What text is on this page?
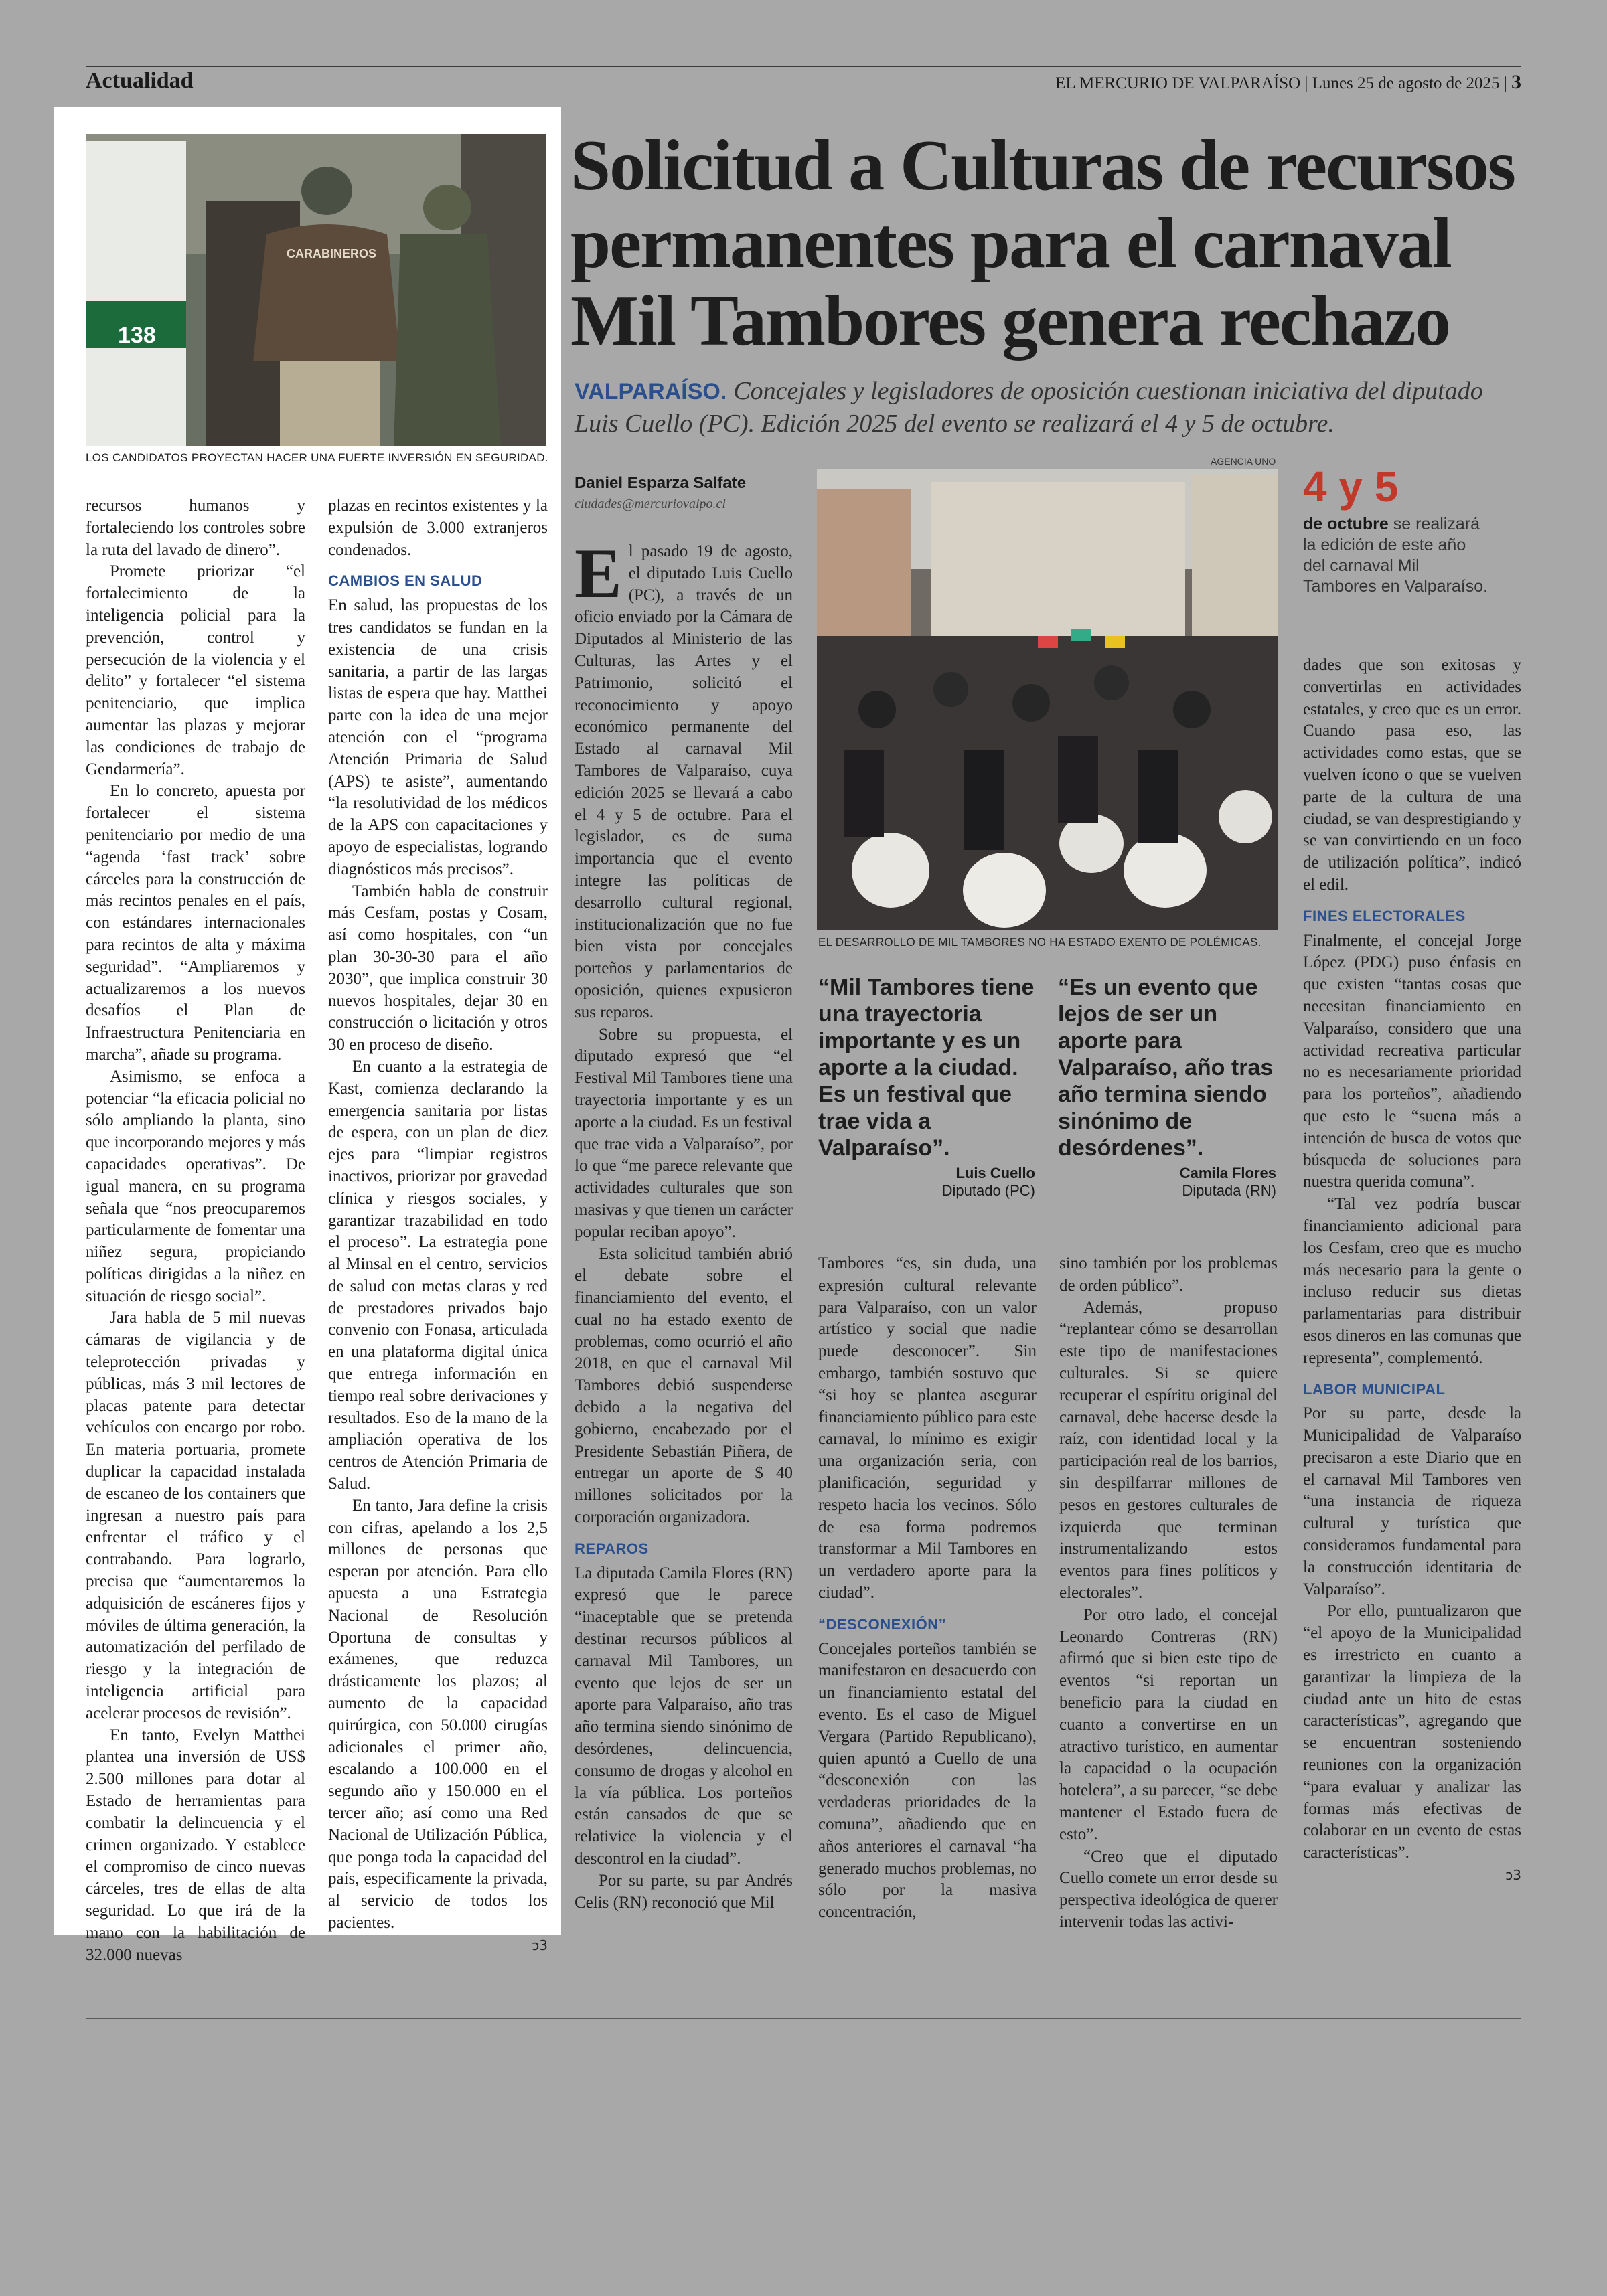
Actualidad	EL MERCURIO DE VALPARAÍSO | Lunes 25 de agosto de 2025 | 3
138
CARABINEROS
LOS CANDIDATOS PROYECTAN HACER UNA FUERTE INVERSIÓN EN SEGURIDAD.

recursos humanos y fortaleciendo los controles sobre la ruta del lavado de dinero”.

Promete priorizar “el fortalecimiento de la inteligencia policial para la prevención, control y persecución de la violencia y el delito” y fortalecer “el sistema penitenciario, que implica aumentar las plazas y mejorar las condiciones de trabajo de Gendarmería”.

En lo concreto, apuesta por fortalecer el sistema penitenciario por medio de una “agenda ‘fast track’ sobre cárceles para la construcción de más recintos penales en el país, con estándares internacionales para recintos de alta y máxima seguridad”. “Ampliaremos y actualizaremos a los nuevos desafíos el Plan de Infraestructura Penitenciaria en marcha”, añade su programa.

Asimismo, se enfoca a potenciar “la eficacia policial no sólo ampliando la planta, sino que incorporando mejores y más capacidades operativas”. De igual manera, en su programa señala que “nos preocuparemos particularmente de fomentar una niñez segura, propiciando políticas dirigidas a la niñez en situación de riesgo social”.

Jara habla de 5 mil nuevas cámaras de vigilancia y de teleprotección privadas y públicas, más 3 mil lectores de placas patente para detectar vehículos con encargo por robo. En materia portuaria, promete duplicar la capacidad instalada de escaneo de los containers que ingresan a nuestro país para enfrentar el tráfico y el contrabando. Para lograrlo, precisa que “aumentaremos la adquisición de escáneres fijos y móviles de última generación, la automatización del perfilado de riesgo y la integración de inteligencia artificial para acelerar procesos de revisión”.

En tanto, Evelyn Matthei plantea una inversión de US$ 2.500 millones para dotar al Estado de herramientas para combatir la delincuencia y el crimen organizado. Y establece el compromiso de cinco nuevas cárceles, tres de ellas de alta seguridad. Lo que irá de la mano con la habilitación de 32.000 nuevas

plazas en recintos existentes y la expulsión de 3.000 extranjeros condenados.

CAMBIOS EN SALUD

En salud, las propuestas de los tres candidatos se fundan en la existencia de una crisis sanitaria, a partir de las largas listas de espera que hay. Matthei parte con la idea de una mejor atención con el “programa Atención Primaria de Salud (APS) te asiste”, aumentando “la resolutividad de los médicos de la APS con capacitaciones y apoyo de especialistas, logrando diagnósticos más precisos”.

También habla de construir más Cesfam, postas y Cosam, así como hospitales, con “un plan 30-30-30 para el año 2030”, que implica construir 30 nuevos hospitales, dejar 30 en construcción o licitación y otros 30 en proceso de diseño.

En cuanto a la estrategia de Kast, comienza declarando la emergencia sanitaria por listas de espera, con un plan de diez ejes para “limpiar registros inactivos, priorizar por gravedad clínica y riesgos sociales, y garantizar trazabilidad en todo el proceso”. La estrategia pone al Minsal en el centro, servicios de salud con metas claras y red de prestadores privados bajo convenio con Fonasa, articulada en una plataforma digital única que entrega información en tiempo real sobre derivaciones y resultados. Eso de la mano de la ampliación operativa de los centros de Atención Primaria de Salud.

En tanto, Jara define la crisis con cifras, apelando a los 2,5 millones de personas que esperan por atención. Para ello apuesta a una Estrategia Nacional de Resolución Oportuna de consultas y exámenes, que reduzca drásticamente los plazos; al aumento de la capacidad quirúrgica, con 50.000 cirugías adicionales el primer año, escalando a 100.000 en el segundo año y 150.000 en el tercer año; así como una Red Nacional de Utilización Pública, que ponga toda la capacidad del país, especificamente la privada, al servicio de todos los pacientes.

ↄ3
Solicitud a Culturas de recursos permanentes para el carnaval Mil Tambores genera rechazo
VALPARAÍSO. Concejales y legisladores de oposición cuestionan iniciativa del diputado Luis Cuello (PC). Edición 2025 del evento se realizará el 4 y 5 de octubre.
Daniel Esparza Salfate
ciudades@mercuriovalpo.cl
AGENCIA UNO
EL DESARROLLO DE MIL TAMBORES NO HA ESTADO EXENTO DE POLÉMICAS.
4 y 5
de octubre se realizará la edición de este año del carnaval Mil Tambores en Valparaíso.

El pasado 19 de agosto, el diputado Luis Cuello (PC), a través de un oficio enviado por la Cámara de Diputados al Ministerio de las Culturas, las Artes y el Patrimonio, solicitó el reconocimiento y apoyo económico permanente del Estado al carnaval Mil Tambores de Valparaíso, cuya edición 2025 se llevará a cabo el 4 y 5 de octubre. Para el legislador, es de suma importancia que el evento integre las políticas de desarrollo cultural regional, institucionalización que no fue bien vista por concejales porteños y parlamentarios de oposición, quienes expusieron sus reparos.

Sobre su propuesta, el diputado expresó que “el Festival Mil Tambores tiene una trayectoria importante y es un aporte a la ciudad. Es un festival que trae vida a Valparaíso”, por lo que “me parece relevante que actividades culturales que son masivas y que tienen un carácter popular reciban apoyo”.

Esta solicitud también abrió el debate sobre el financiamiento del evento, el cual no ha estado exento de problemas, como ocurrió el año 2018, en que el carnaval Mil Tambores debió suspenderse debido a la negativa del gobierno, encabezado por el Presidente Sebastián Piñera, de entregar un aporte de $ 40 millones solicitados por la corporación organizadora.

REPAROS

La diputada Camila Flores (RN) expresó que le parece “inaceptable que se pretenda destinar recursos públicos al carnaval Mil Tambores, un evento que lejos de ser un aporte para Valparaíso, año tras año termina siendo sinónimo de desórdenes, delincuencia, consumo de drogas y alcohol en la vía pública. Los porteños están cansados de que se relativice la violencia y el descontrol en la ciudad”.

Por su parte, su par Andrés Celis (RN) reconoció que Mil

“Mil Tambores tiene una trayectoria importante y es un aporte a la ciudad. Es un festival que trae vida a Valparaíso”.
Luis Cuello
Diputado (PC)
“Es un evento que lejos de ser un aporte para Valparaíso, año tras año termina siendo sinónimo de desórdenes”.
Camila Flores
Diputada (RN)

Tambores “es, sin duda, una expresión cultural relevante para Valparaíso, con un valor artístico y social que nadie puede desconocer”. Sin embargo, también sostuvo que “si hoy se plantea asegurar financiamiento público para este carnaval, lo mínimo es exigir una organización seria, con planificación, seguridad y respeto hacia los vecinos. Sólo de esa forma podremos transformar a Mil Tambores en un verdadero aporte para la ciudad”.

“DESCONEXIÓN”

Concejales porteños también se manifestaron en desacuerdo con un financiamiento estatal del evento. Es el caso de Miguel Vergara (Partido Republicano), quien apuntó a Cuello de una “desconexión con las verdaderas prioridades de la comuna”, añadiendo que en años anteriores el carnaval “ha generado muchos problemas, no sólo por la masiva concentración,

sino también por los problemas de orden público”.

Además, propuso “replantear cómo se desarrollan este tipo de manifestaciones culturales. Si se quiere recuperar el espíritu original del carnaval, debe hacerse desde la raíz, con identidad local y la participación real de los barrios, sin despilfarrar millones de pesos en gestores culturales de izquierda que terminan instrumentalizando estos eventos para fines políticos y electorales”.

Por otro lado, el concejal Leonardo Contreras (RN) afirmó que si bien este tipo de eventos “si reportan un beneficio para la ciudad en cuanto a convertirse en un atractivo turístico, en aumentar la capacidad o la ocupación hotelera”, a su parecer, “se debe mantener el Estado fuera de esto”.

“Creo que el diputado Cuello comete un error desde su perspectiva ideológica de querer intervenir todas las activi-

dades que son exitosas y convertirlas en actividades estatales, y creo que es un error. Cuando pasa eso, las actividades como estas, que se vuelven ícono o que se vuelven parte de la cultura de una ciudad, se van desprestigiando y se van convirtiendo en un foco de utilización política”, indicó el edil.

FINES ELECTORALES

Finalmente, el concejal Jorge López (PDG) puso énfasis en que existen “tantas cosas que necesitan financiamiento en Valparaíso, considero que una actividad recreativa particular no es necesariamente prioridad para los porteños”, añadiendo que esto le “suena más a intención de busca de votos que búsqueda de soluciones para nuestra querida comuna”.

“Tal vez podría buscar financiamiento adicional para los Cesfam, creo que es mucho más necesario para la gente o incluso reducir sus dietas parlamentarias para distribuir esos dineros en las comunas que representa”, complementó.

LABOR MUNICIPAL

Por su parte, desde la Municipalidad de Valparaíso precisaron a este Diario que en el carnaval Mil Tambores ven “una instancia de riqueza cultural y turística que consideramos fundamental para la construcción identitaria de Valparaíso”.

Por ello, puntualizaron que “el apoyo de la Municipalidad es irrestricto en cuanto a garantizar la limpieza de la ciudad ante un hito de estas características”, agregando que se encuentran sosteniendo reuniones con la organización “para evaluar y analizar las formas más efectivas de colaborar en un evento de estas características”.

ↄ3
